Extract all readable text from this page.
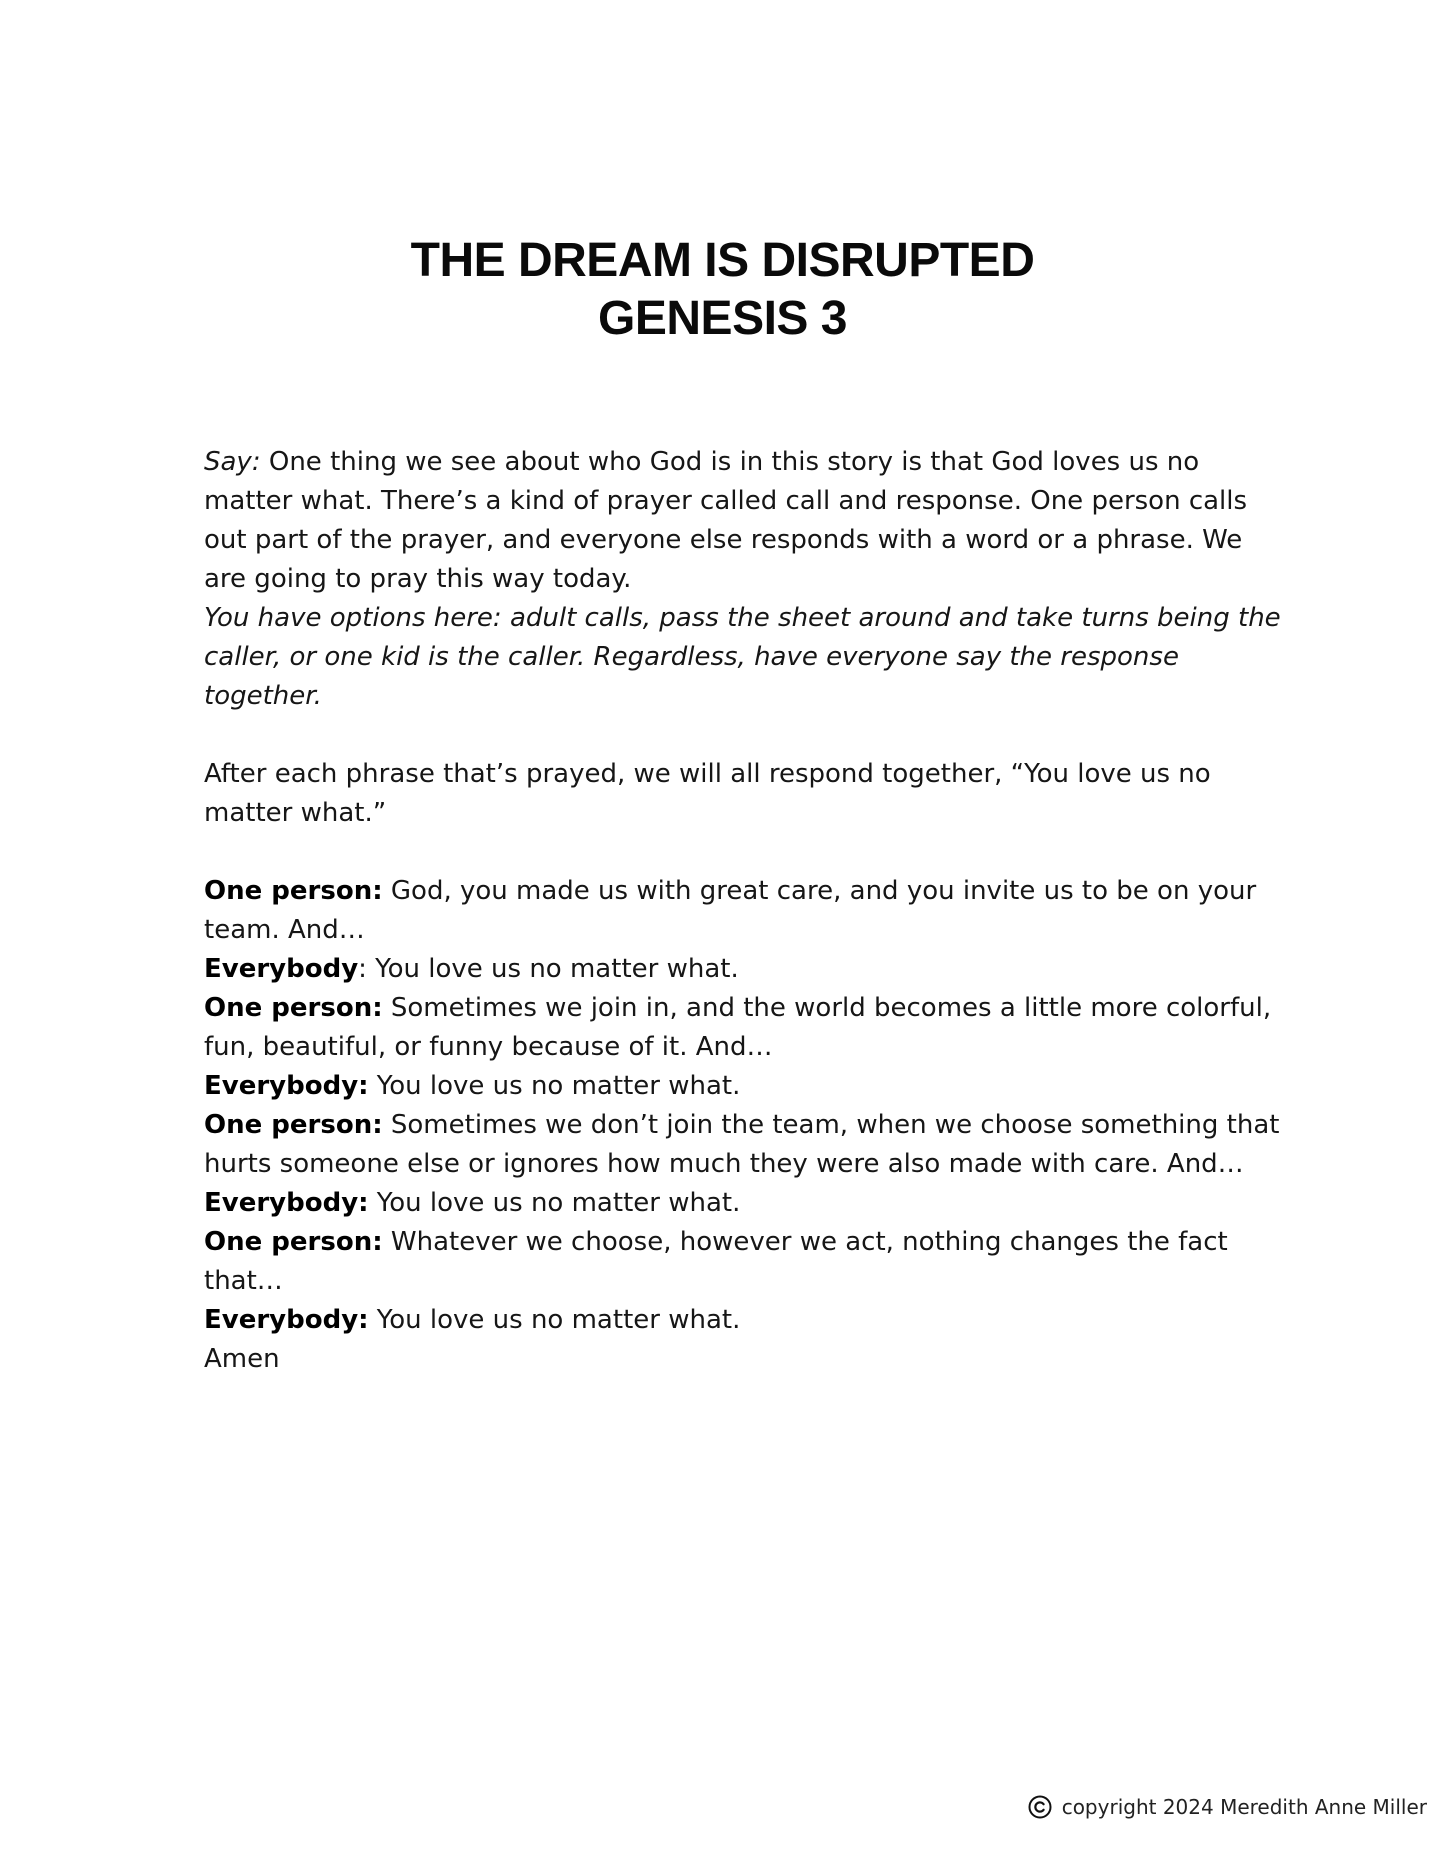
THE DREAM IS DISRUPTED
GENESIS 3

Say: One thing we see about who God is in this story is that God loves us no matter what. There’s a kind of prayer called call and response. One person calls out part of the prayer, and everyone else responds with a word or a phrase. We are going to pray this way today.

You have options here: adult calls, pass the sheet around and take turns being the caller, or one kid is the caller. Regardless, have everyone say the response together.

After each phrase that’s prayed, we will all respond together, “You love us no matter what.”

One person: God, you made us with great care, and you invite us to be on your team. And…

Everybody: You love us no matter what.

One person: Sometimes we join in, and the world becomes a little more colorful, fun, beautiful, or funny because of it. And…

Everybody: You love us no matter what.

One person: Sometimes we don’t join the team, when we choose something that hurts someone else or ignores how much they were also made with care. And…

Everybody: You love us no matter what.

One person: Whatever we choose, however we act, nothing changes the fact that…

Everybody: You love us no matter what.

Amen

copyright 2024 Meredith Anne Miller
